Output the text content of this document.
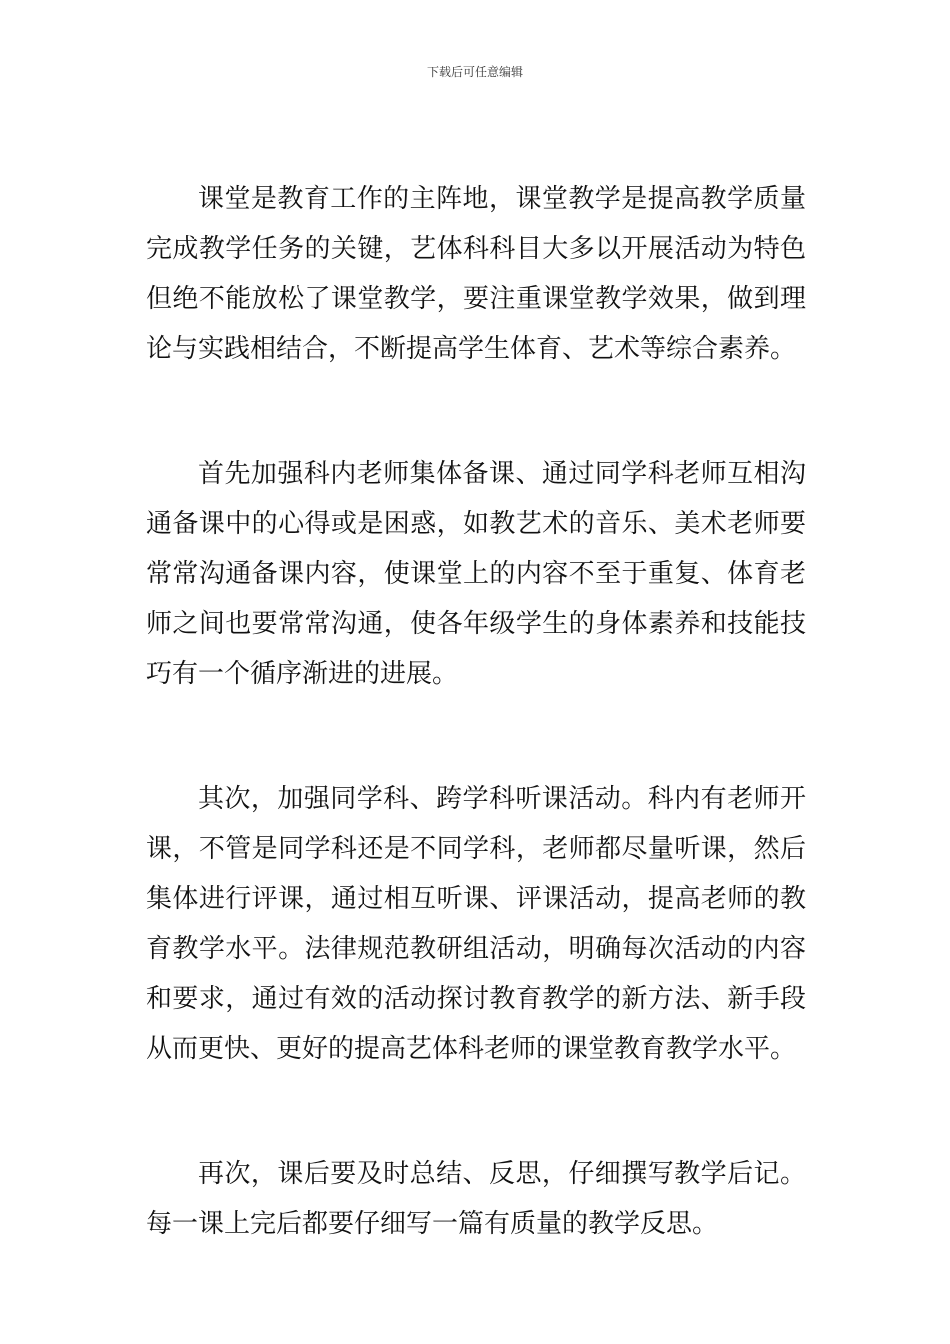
下载后可任意编辑

课堂是教育工作的主阵地，课堂教学是提高教学质量完成教学任务的关键，艺体科科目大多以开展活动为特色但绝不能放松了课堂教学，要注重课堂教学效果，做到理论与实践相结合，不断提高学生体育、艺术等综合素养。

首先加强科内老师集体备课、通过同学科老师互相沟通备课中的心得或是困惑，如教艺术的音乐、美术老师要常常沟通备课内容，使课堂上的内容不至于重复、体育老师之间也要常常沟通，使各年级学生的身体素养和技能技巧有一个循序渐进的进展。

其次，加强同学科、跨学科听课活动。科内有老师开课，不管是同学科还是不同学科，老师都尽量听课，然后集体进行评课，通过相互听课、评课活动，提高老师的教育教学水平。法律规范教研组活动，明确每次活动的内容和要求，通过有效的活动探讨教育教学的新方法、新手段从而更快、更好的提高艺体科老师的课堂教育教学水平。

再次，课后要及时总结、反思，仔细撰写教学后记。每一课上完后都要仔细写一篇有质量的教学反思。
